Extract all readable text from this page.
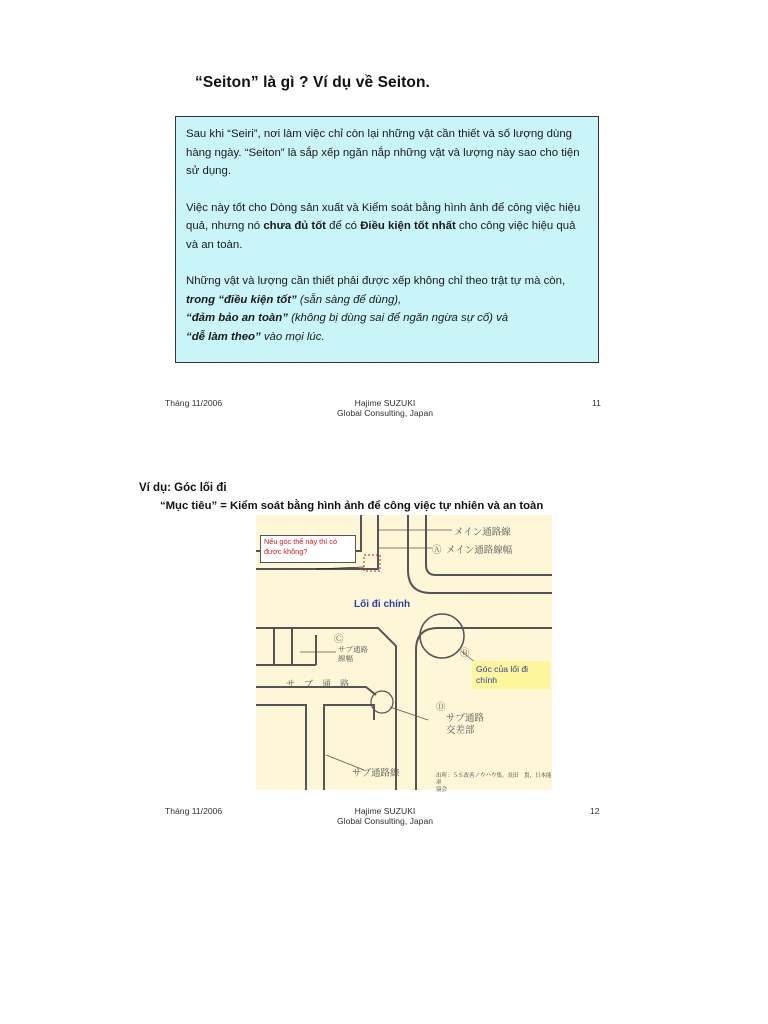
“Seiton” là gì ? Ví dụ về Seiton.

Sau khi “Seiri”, nơi làm việc chỉ còn lại những vật cần thiết và số lượng dùng hàng ngày. “Seiton” là sắp xếp ngăn nắp những vật và lượng này sao cho tiện sử dụng.

Việc này tốt cho Dòng sản xuất và Kiểm soát bằng hình ảnh để công việc hiệu quả, nhưng nó chưa đủ tốt để có Điều kiện tốt nhất cho công việc hiệu quả và an toàn.

Những vật và lượng cần thiết phải được xếp không chỉ theo trật tự mà còn,
trong “điều kiện tốt” (sẵn sàng để dùng),
“đảm bảo an toàn” (không bị dùng sai để ngăn ngừa sự cố) và
“dễ làm theo” vào mọi lúc.

Tháng 11/2006	Hajime SUZUKI
Global Consulting, Japan
11
Ví dụ: Góc lối đi
“Mục tiêu” = Kiểm soát bằng hình ảnh để công việc tự nhiên và an toàn
Nếu góc thế này thì có được không?
Lối đi chính
Góc của lối đi chính
メイン通路線
Ⓐ メイン通路線幅
Ⓒ
サブ通路
線幅
サ　ブ　通　路
Ⓑ
Ⓓ
サブ通路
交差部
サブ通路線	出所：５Ｓ改善ノウハウ集，長田　貴，日本能率
協会
Tháng 11/2006	Hajime SUZUKI
Global Consulting, Japan
12
